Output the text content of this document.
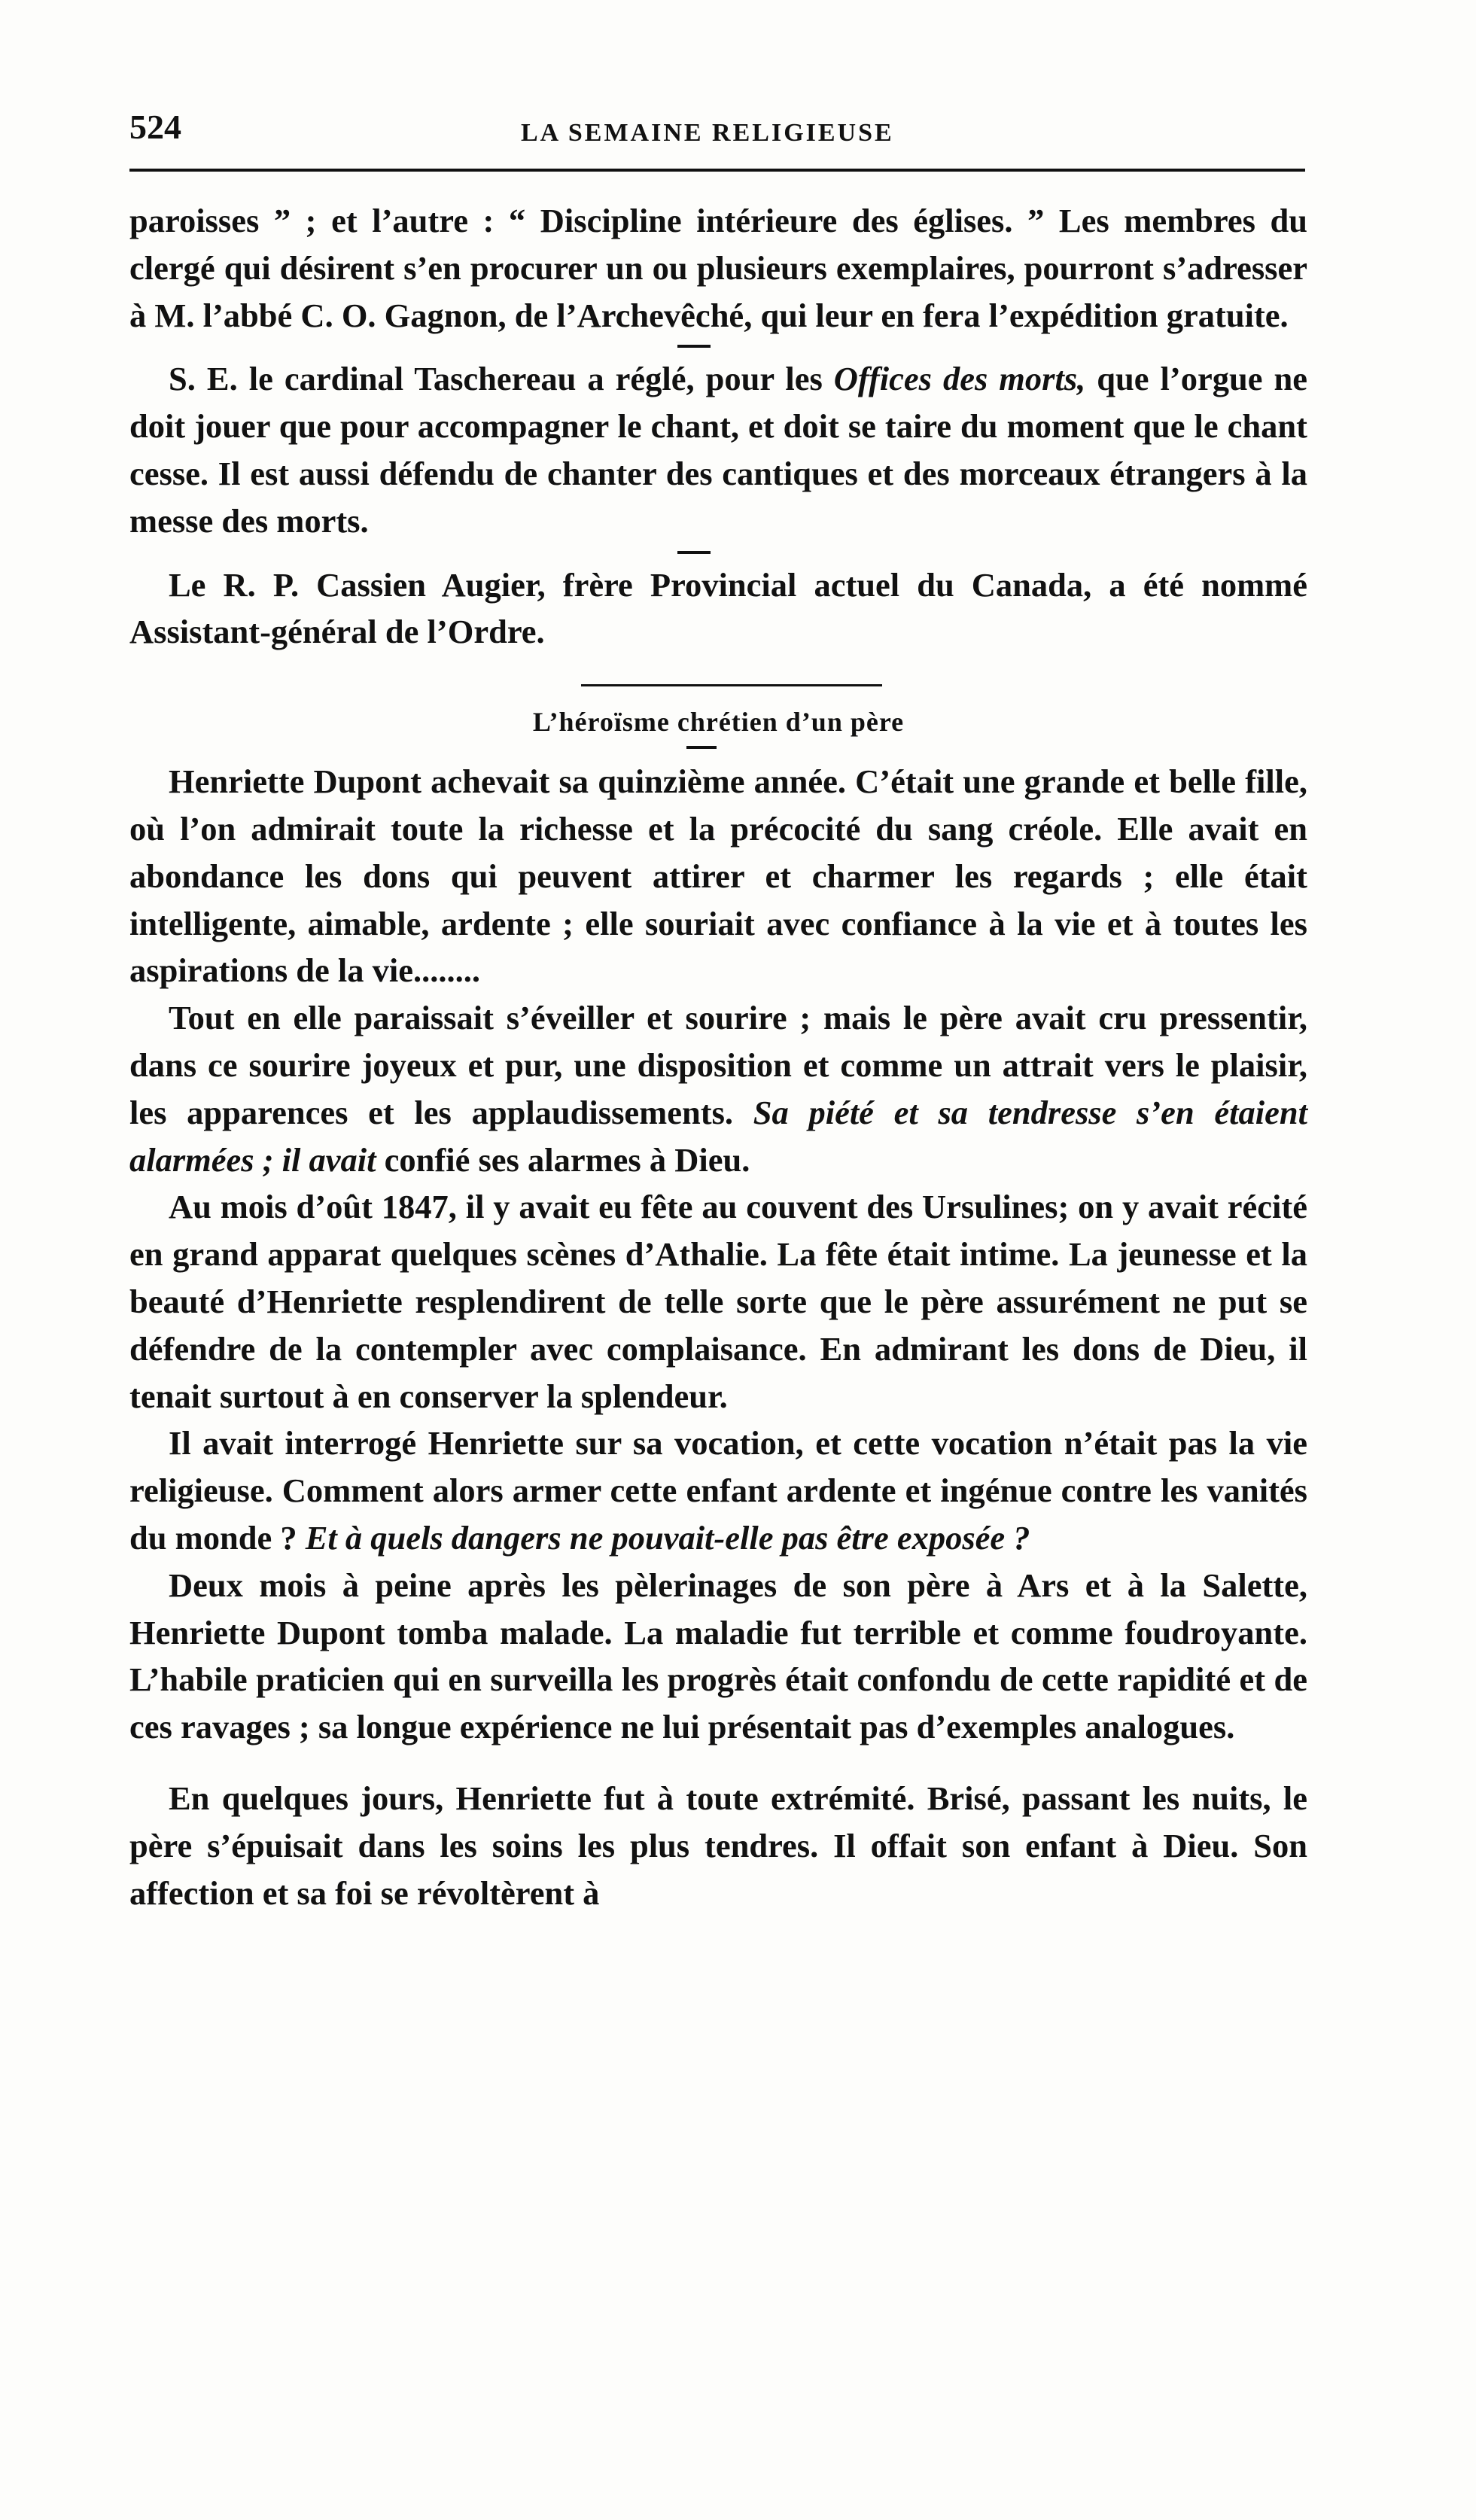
524	LA SEMAINE RELIGIEUSE

paroisses ” ; et l’autre : “ Discipline intérieure des églises. ” Les membres du clergé qui désirent s’en procurer un ou plusieurs exemplaires, pourront s’adresser à M. l’abbé C. O. Gagnon, de l’Archevêché, qui leur en fera l’expédition gratuite.

S. E. le cardinal Taschereau a réglé, pour les Offices des morts, que l’orgue ne doit jouer que pour accompagner le chant, et doit se taire du moment que le chant cesse. Il est aussi défendu de chanter des cantiques et des morceaux étrangers à la messe des morts.

Le R. P. Cassien Augier, frère Provincial actuel du Canada, a été nommé Assistant-général de l’Ordre.

L’héroïsme chrétien d’un père

Henriette Dupont achevait sa quinzième année. C’était une grande et belle fille, où l’on admirait toute la richesse et la précocité du sang créole. Elle avait en abondance les dons qui peuvent attirer et charmer les regards ; elle était intelligente, aimable, ardente ; elle souriait avec confiance à la vie et à toutes les aspirations de la vie........

Tout en elle paraissait s’éveiller et sourire ; mais le père avait cru pressentir, dans ce sourire joyeux et pur, une disposition et comme un attrait vers le plaisir, les apparences et les applaudissements. Sa piété et sa tendresse s’en étaient alarmées ; il avait confié ses alarmes à Dieu.

Au mois d’oût 1847, il y avait eu fête au couvent des Ursulines; on y avait récité en grand apparat quelques scènes d’Athalie. La fête était intime. La jeunesse et la beauté d’Henriette resplendirent de telle sorte que le père assurément ne put se défendre de la contempler avec complaisance. En admirant les dons de Dieu, il tenait surtout à en conserver la splendeur.

Il avait interrogé Henriette sur sa vocation, et cette vocation n’était pas la vie religieuse. Comment alors armer cette enfant ardente et ingénue contre les vanités du monde ? Et à quels dangers ne pouvait-elle pas être exposée ?

Deux mois à peine après les pèlerinages de son père à Ars et à la Salette, Henriette Dupont tomba malade. La maladie fut terrible et comme foudroyante. L’habile praticien qui en surveilla les progrès était confondu de cette rapidité et de ces ravages ; sa longue expérience ne lui présentait pas d’exemples analogues.

En quelques jours, Henriette fut à toute extrémité. Brisé, passant les nuits, le père s’épuisait dans les soins les plus tendres. Il offait son enfant à Dieu. Son affection et sa foi se révoltèrent à
